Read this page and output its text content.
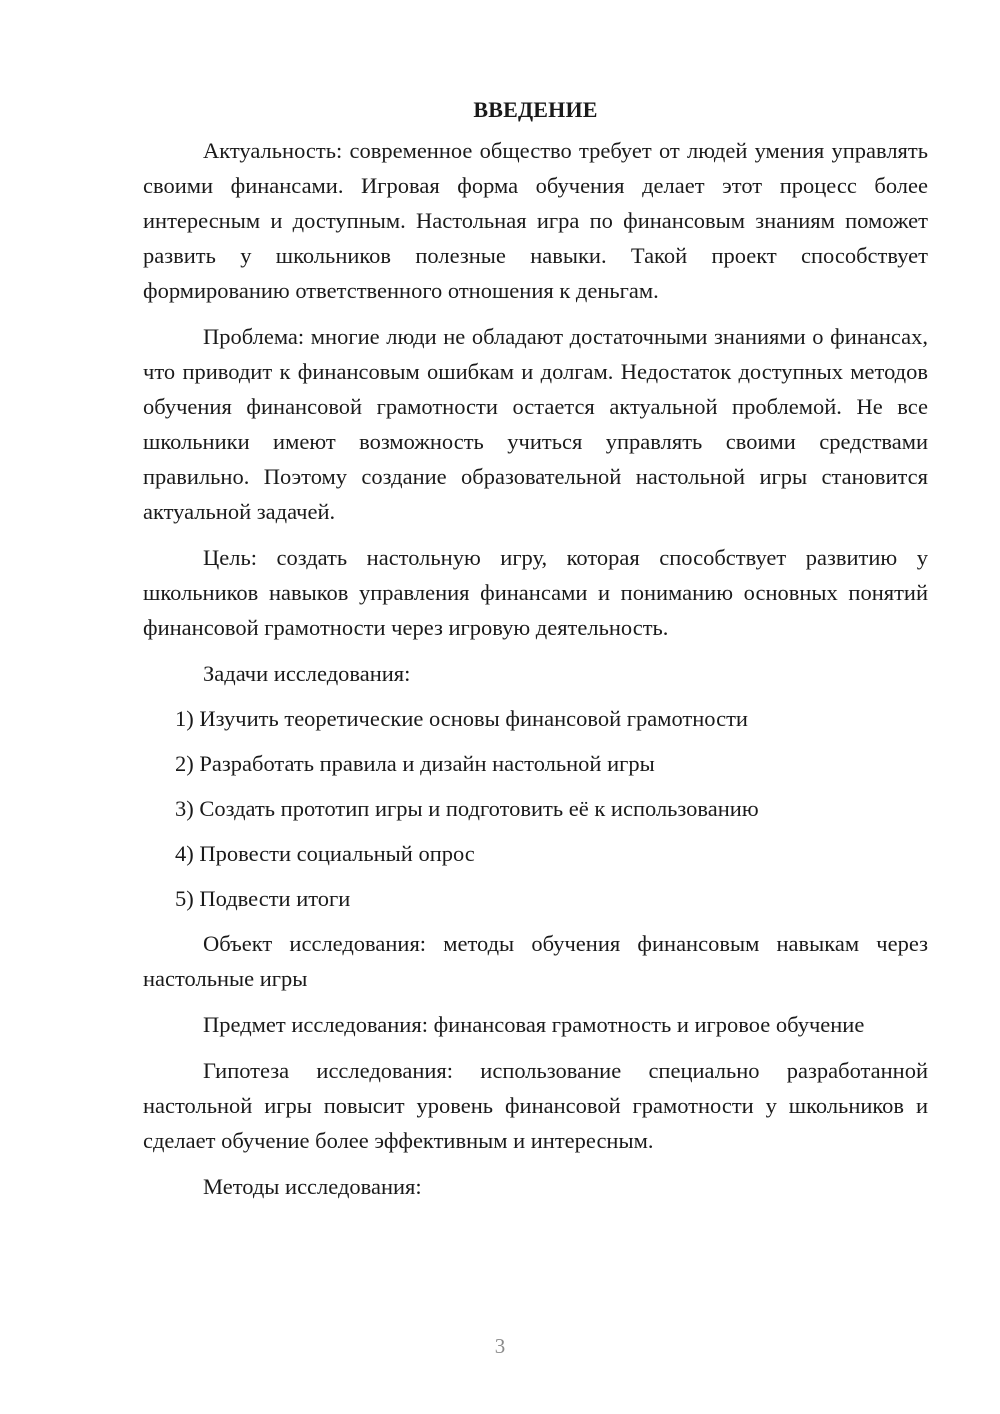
ВВЕДЕНИЕ

Актуальность: современное общество требует от людей умения управлять своими финансами. Игровая форма обучения делает этот процесс более интересным и доступным. Настольная игра по финансовым знаниям поможет развить у школьников полезные навыки. Такой проект способствует формированию ответственного отношения к деньгам.

Проблема: многие люди не обладают достаточными знаниями о финансах, что приводит к финансовым ошибкам и долгам. Недостаток доступных методов обучения финансовой грамотности остается актуальной проблемой. Не все школьники имеют возможность учиться управлять своими средствами правильно. Поэтому создание образовательной настольной игры становится актуальной задачей.

Цель: создать настольную игру, которая способствует развитию у школьников навыков управления финансами и пониманию основных понятий финансовой грамотности через игровую деятельность.

Задачи исследования:

1) Изучить теоретические основы финансовой грамотности
2) Разработать правила и дизайн настольной игры
3) Создать прототип игры и подготовить её к использованию
4) Провести социальный опрос
5) Подвести итоги

Объект исследования: методы обучения финансовым навыкам через настольные игры

Предмет исследования: финансовая грамотность и игровое обучение

Гипотеза исследования: использование специально разработанной настольной игры повысит уровень финансовой грамотности у школьников и сделает обучение более эффективным и интересным.

Методы исследования:

3
